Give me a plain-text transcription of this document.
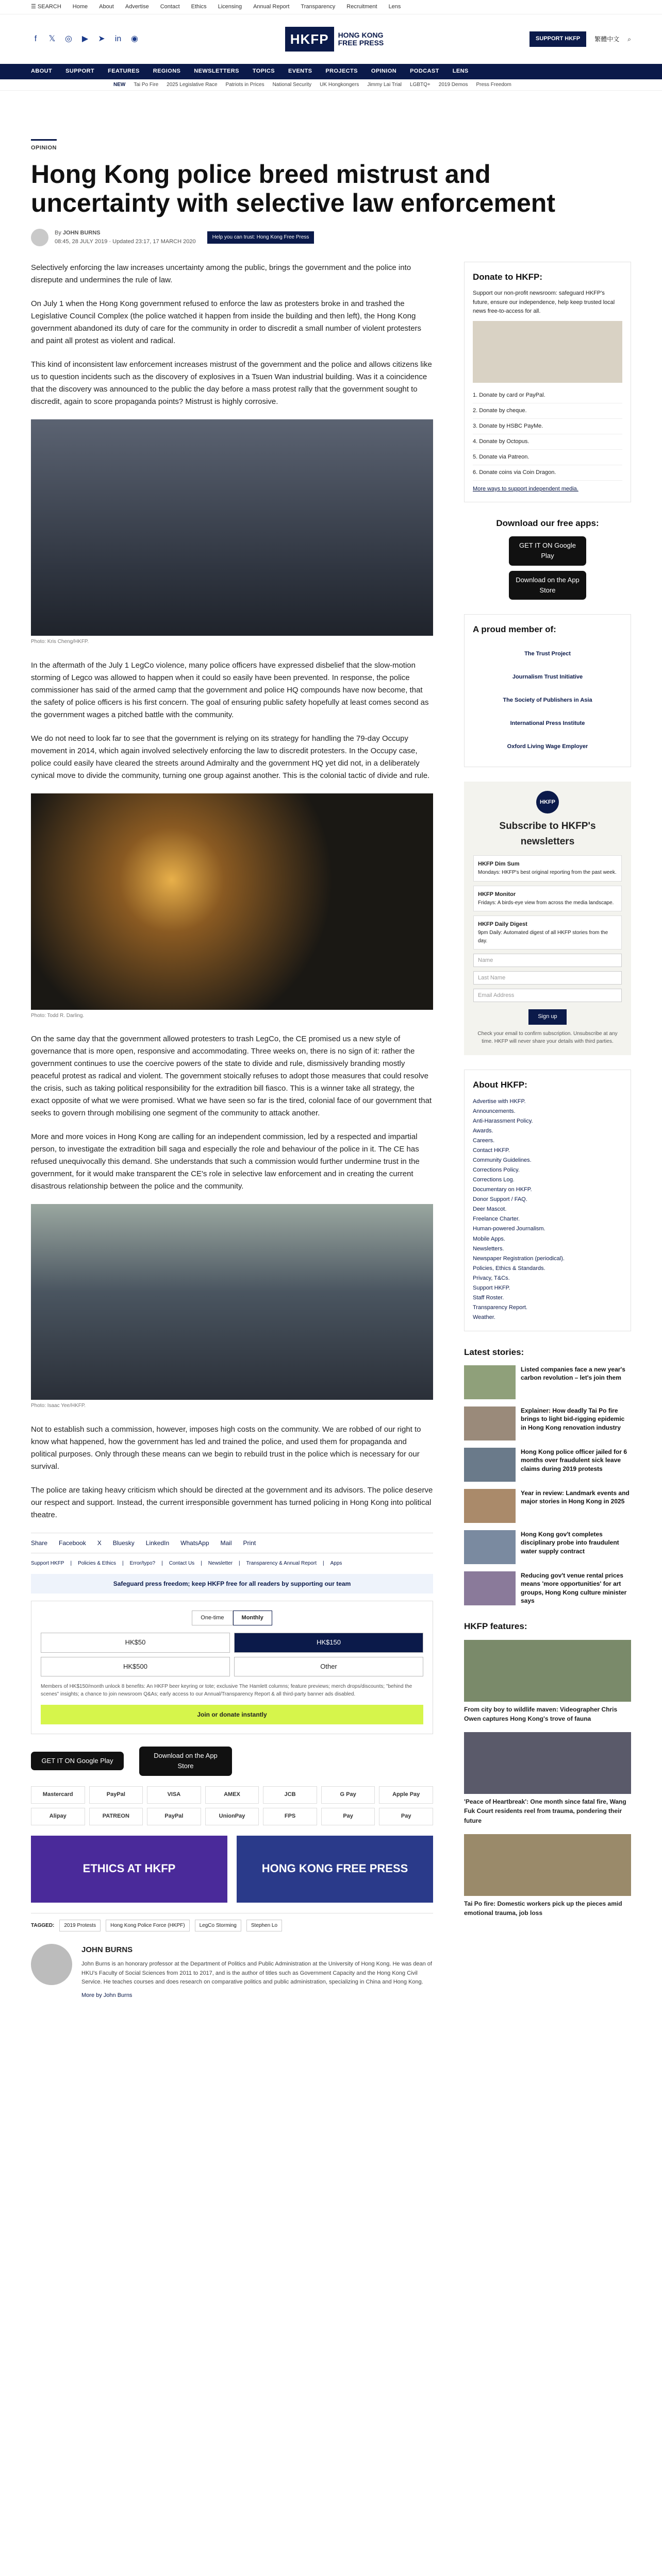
☰ SEARCH Home About Advertise Contact Ethics Licensing Annual Report Transparency Recruitment Lens
f	𝕏 ◎ ▶ ➤ in ◉	HKFP	HONG KONG
FREE PRESS	SUPPORT HKFP	繁體中文 ⌕
ABOUT SUPPORT FEATURES REGIONS NEWSLETTERS TOPICS EVENTS PROJECTS OPINION PODCAST LENS
NEW Tai Po Fire 2025 Legislative Race Patriots in Prices National Security UK Hongkongers Jimmy Lai Trial LGBTQ+ 2019 Demos Press Freedom
OPINION
Hong Kong police breed mistrust and uncertainty with selective law enforcement
By JOHN BURNS
08:45, 28 JULY 2019 · Updated 23:17, 17 MARCH 2020
Help you can trust: Hong Kong Free Press

Selectively enforcing the law increases uncertainty among the public, brings the government and the police into disrepute and undermines the rule of law.

On July 1 when the Hong Kong government refused to enforce the law as protesters broke in and trashed the Legislative Council Complex (the police watched it happen from inside the building and then left), the Hong Kong government abandoned its duty of care for the community in order to discredit a small number of violent protesters and paint all protest as violent and radical.

This kind of inconsistent law enforcement increases mistrust of the government and the police and allows citizens like us to question incidents such as the discovery of explosives in a Tsuen Wan industrial building. Was it a coincidence that the discovery was announced to the public the day before a mass protest rally that the government sought to discredit, again to score propaganda points? Mistrust is highly corrosive.

Photo: Kris Cheng/HKFP.

In the aftermath of the July 1 LegCo violence, many police officers have expressed disbelief that the slow-motion storming of Legco was allowed to happen when it could so easily have been prevented. In response, the police commissioner has said of the armed camp that the government and police HQ compounds have now become, that the safety of police officers is his first concern. The goal of ensuring public safety hopefully at least comes second as the government wages a pitched battle with the community.

We do not need to look far to see that the government is relying on its strategy for handling the 79-day Occupy movement in 2014, which again involved selectively enforcing the law to discredit protesters. In the Occupy case, police could easily have cleared the streets around Admiralty and the government HQ yet did not, in a deliberately cynical move to divide the community, turning one group against another. This is the colonial tactic of divide and rule.

Photo: Todd R. Darling.

On the same day that the government allowed protesters to trash LegCo, the CE promised us a new style of governance that is more open, responsive and accommodating. Three weeks on, there is no sign of it: rather the government continues to use the coercive powers of the state to divide and rule, dismissively branding mostly peaceful protest as radical and violent. The government stoically refuses to adopt those measures that could resolve the crisis, such as taking political responsibility for the extradition bill fiasco. This is a winner take all strategy, the exact opposite of what we were promised. What we have seen so far is the tired, colonial face of our government that seeks to govern through mobilising one segment of the community to attack another.

More and more voices in Hong Kong are calling for an independent commission, led by a respected and impartial person, to investigate the extradition bill saga and especially the role and behaviour of the police in it. The CE has refused unequivocally this demand. She understands that such a commission would further undermine trust in the government, for it would make transparent the CE's role in selective law enforcement and in creating the current disastrous relationship between the police and the community.

Photo: Isaac Yee/HKFP.

Not to establish such a commission, however, imposes high costs on the community. We are robbed of our right to know what happened, how the government has led and trained the police, and used them for propaganda and political purposes. Only through these means can we begin to rebuild trust in the police which is necessary for our survival.

The police are taking heavy criticism which should be directed at the government and its advisors. The police deserve our respect and support. Instead, the current irresponsible government has turned policing in Hong Kong into political theatre.

Share Facebook X Bluesky LinkedIn WhatsApp Mail Print
Support HKFP | Policies & Ethics | Error/typo? | Contact Us | Newsletter | Transparency & Annual Report | Apps
Safeguard press freedom; keep HKFP free for all readers by supporting our team
One-time	Monthly
HK$50	HK$150
HK$500	Other
Members of HK$150/month unlock 8 benefits: An HKFP beer keyring or tote; exclusive The Hamlett columns; feature previews; merch drops/discounts; "behind the scenes" insights; a chance to join newsroom Q&As; early access to our Annual/Transparency Report & all third-party banner ads disabled.
Join or donate instantly
GET IT ON Google Play
Download on the App Store
Mastercard	PayPal	VISA	AMEX	JCB	G Pay	Apple Pay
Alipay	PATREON	PayPal	UnionPay	FPS	Pay	Pay
ETHICS AT HKFP	HONG KONG FREE PRESS
TAGGED:	2019 Protests	Hong Kong Police Force (HKPF)	LegCo Storming	Stephen Lo
JOHN BURNS

John Burns is an honorary professor at the Department of Politics and Public Administration at the University of Hong Kong. He was dean of HKU's Faculty of Social Sciences from 2011 to 2017, and is the author of titles such as Government Capacity and the Hong Kong Civil Service. He teaches courses and does research on comparative politics and public administration, specializing in China and Hong Kong.

More by John Burns

Donate to HKFP:
Support our non-profit newsroom: safeguard HKFP's future, ensure our independence, help keep trusted local news free-to-access for all.
1. Donate by card or PayPal.
2. Donate by cheque.
3. Donate by HSBC PayMe.
4. Donate by Octopus.
5. Donate via Patreon.
6. Donate coins via Coin Dragon.
More ways to support independent media.
Download our free apps:
GET IT ON Google Play
Download on the App Store
A proud member of:
The Trust Project
Journalism Trust Initiative
The Society of Publishers in Asia
International Press Institute
Oxford Living Wage Employer
HKFP
Subscribe to HKFP's newsletters
HKFP Dim Sum
Mondays: HKFP's best original reporting from the past week.
HKFP Monitor
Fridays: A birds-eye view from across the media landscape.
HKFP Daily Digest
9pm Daily: Automated digest of all HKFP stories from the day.
Name
Last Name
Email Address
Sign up
Check your email to confirm subscription. Unsubscribe at any time. HKFP will never share your details with third parties.
About HKFP:
Advertise with HKFP.
Announcements.
Anti-Harassment Policy.
Awards.
Careers.
Contact HKFP.
Community Guidelines.
Corrections Policy.
Corrections Log.
Documentary on HKFP.
Donor Support / FAQ.
Deer Mascot.
Freelance Charter.
Human-powered Journalism.
Mobile Apps.
Newsletters.
Newspaper Registration (periodical).
Policies, Ethics & Standards.
Privacy, T&Cs.
Support HKFP.
Staff Roster.
Transparency Report.
Weather.
Latest stories:
Listed companies face a new year's carbon revolution – let's join them
Explainer: How deadly Tai Po fire brings to light bid-rigging epidemic in Hong Kong renovation industry
Hong Kong police officer jailed for 6 months over fraudulent sick leave claims during 2019 protests
Year in review: Landmark events and major stories in Hong Kong in 2025
Hong Kong gov't completes disciplinary probe into fraudulent water supply contract
Reducing gov't venue rental prices means 'more opportunities' for art groups, Hong Kong culture minister says
HKFP features:
From city boy to wildlife maven: Videographer Chris Owen captures Hong Kong's trove of fauna
'Peace of Heartbreak': One month since fatal fire, Wang Fuk Court residents reel from trauma, pondering their future
Tai Po fire: Domestic workers pick up the pieces amid emotional trauma, job loss
